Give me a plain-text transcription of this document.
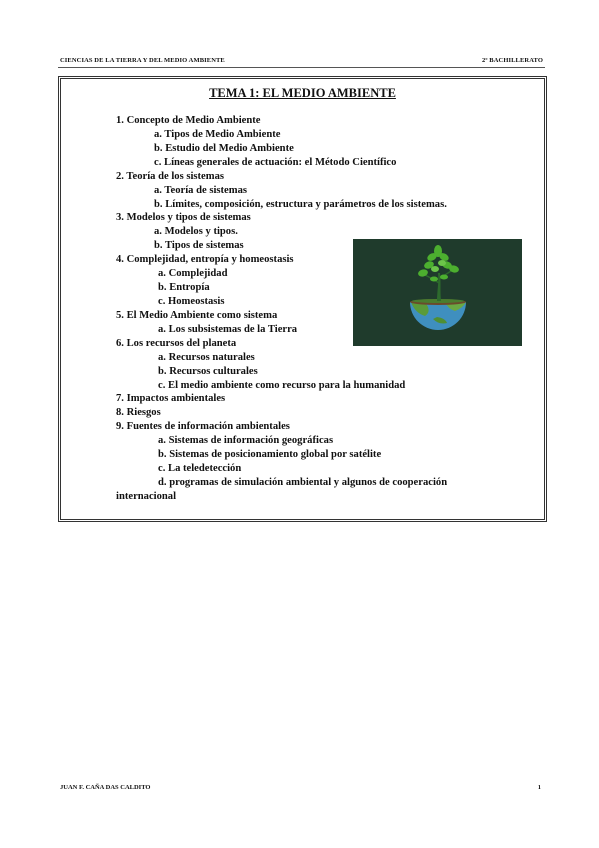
CIENCIAS DE LA TIERRA Y DEL MEDIO AMBIENTE	2º BACHILLERATO
TEMA 1: EL MEDIO AMBIENTE
1. Concepto de Medio Ambiente
a. Tipos de Medio Ambiente
b. Estudio del Medio Ambiente
c. Líneas generales de actuación: el Método Científico
2. Teoría de los sistemas
a. Teoría de sistemas
b. Límites, composición, estructura y parámetros de los sistemas.
3. Modelos y tipos de sistemas
a. Modelos y tipos.
b. Tipos de sistemas
4. Complejidad, entropía y homeostasis
a. Complejidad
b. Entropía
c. Homeostasis
5. El Medio Ambiente como sistema
a. Los subsistemas de la Tierra
6. Los recursos del planeta
a. Recursos naturales
b. Recursos culturales
c. El medio ambiente como recurso para la humanidad
7. Impactos ambientales
8. Riesgos
9. Fuentes de información ambientales
a. Sistemas de información geográficas
b. Sistemas de posicionamiento global por satélite
c. La teledetección
d. programas de simulación ambiental y algunos de cooperación
internacional
JUAN F. CAÑA DAS CALDITO	1
